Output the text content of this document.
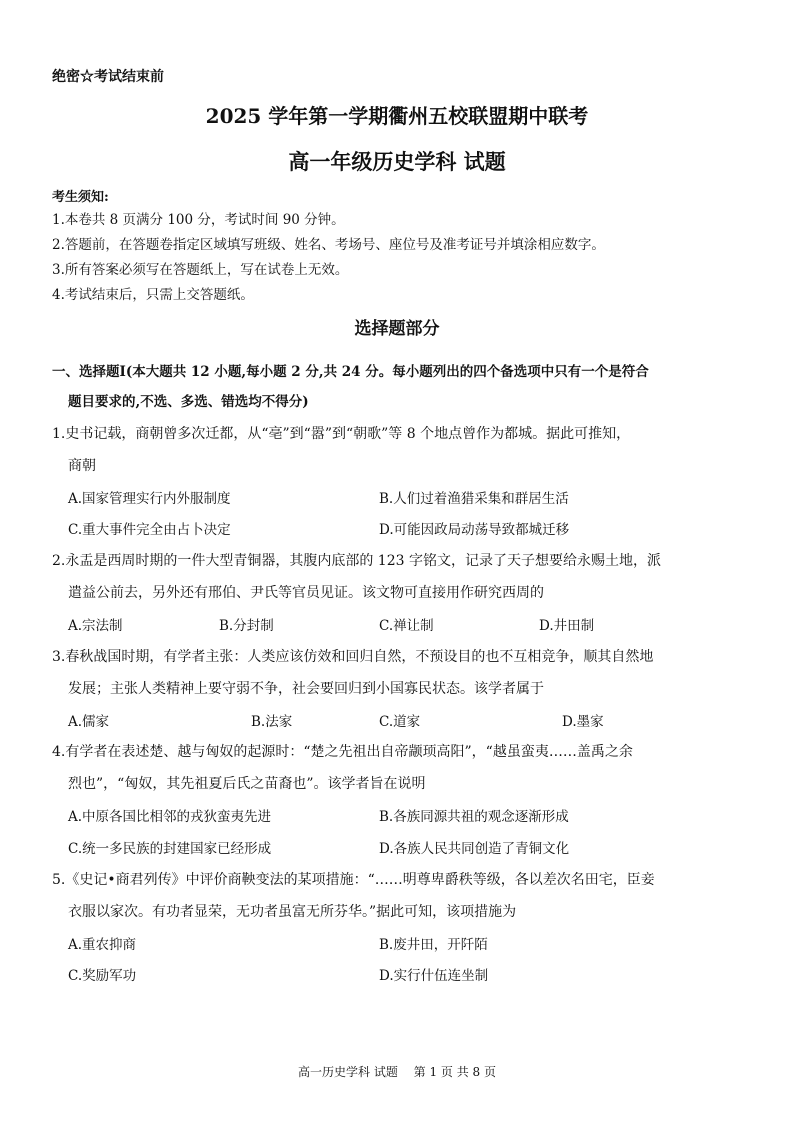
绝密☆考试结束前
2025 学年第一学期衢州五校联盟期中联考
高一年级历史学科 试题
考生须知:
1.本卷共 8 页满分 100 分，考试时间 90 分钟。
2.答题前，在答题卷指定区域填写班级、姓名、考场号、座位号及准考证号并填涂相应数字。
3.所有答案必须写在答题纸上，写在试卷上无效。
4.考试结束后，只需上交答题纸。
选择题部分
一、选择题Ⅰ(本大题共 12 小题,每小题 2 分,共 24 分。每小题列出的四个备选项中只有一个是符合
题目要求的,不选、多选、错选均不得分)
1.史书记载，商朝曾多次迁都，从“亳”到“嚣”到“朝歌”等 8 个地点曾作为都城。据此可推知，
商朝
A.国家管理实行内外服制度	B.人们过着渔猎采集和群居生活
C.重大事件完全由占卜决定	D.可能因政局动荡导致都城迁移
2.永盂是西周时期的一件大型青铜器，其腹内底部的 123 字铭文，记录了天子想要给永赐土地，派
遣益公前去，另外还有邢伯、尹氏等官员见证。该文物可直接用作研究西周的
A.宗法制	B.分封制	C.禅让制	D.井田制
3.春秋战国时期，有学者主张：人类应该仿效和回归自然，不预设目的也不互相竞争，顺其自然地
发展；主张人类精神上要守弱不争，社会要回归到小国寡民状态。该学者属于
A.儒家	B.法家	C.道家	D.墨家
4.有学者在表述楚、越与匈奴的起源时：“楚之先祖出自帝颛顼高阳”，“越虽蛮夷……盖禹之余
烈也”，“匈奴，其先祖夏后氏之苗裔也”。该学者旨在说明
A.中原各国比相邻的戎狄蛮夷先进	B.各族同源共祖的观念逐渐形成
C.统一多民族的封建国家已经形成	D.各族人民共同创造了青铜文化
5.《史记•商君列传》中评价商鞅变法的某项措施：“……明尊卑爵秩等级，各以差次名田宅，臣妾
衣服以家次。有功者显荣，无功者虽富无所芬华。”据此可知，该项措施为
A.重农抑商	B.废井田，开阡陌
C.奖励军功	D.实行什伍连坐制
高一历史学科 试题　 第 1 页 共 8 页
